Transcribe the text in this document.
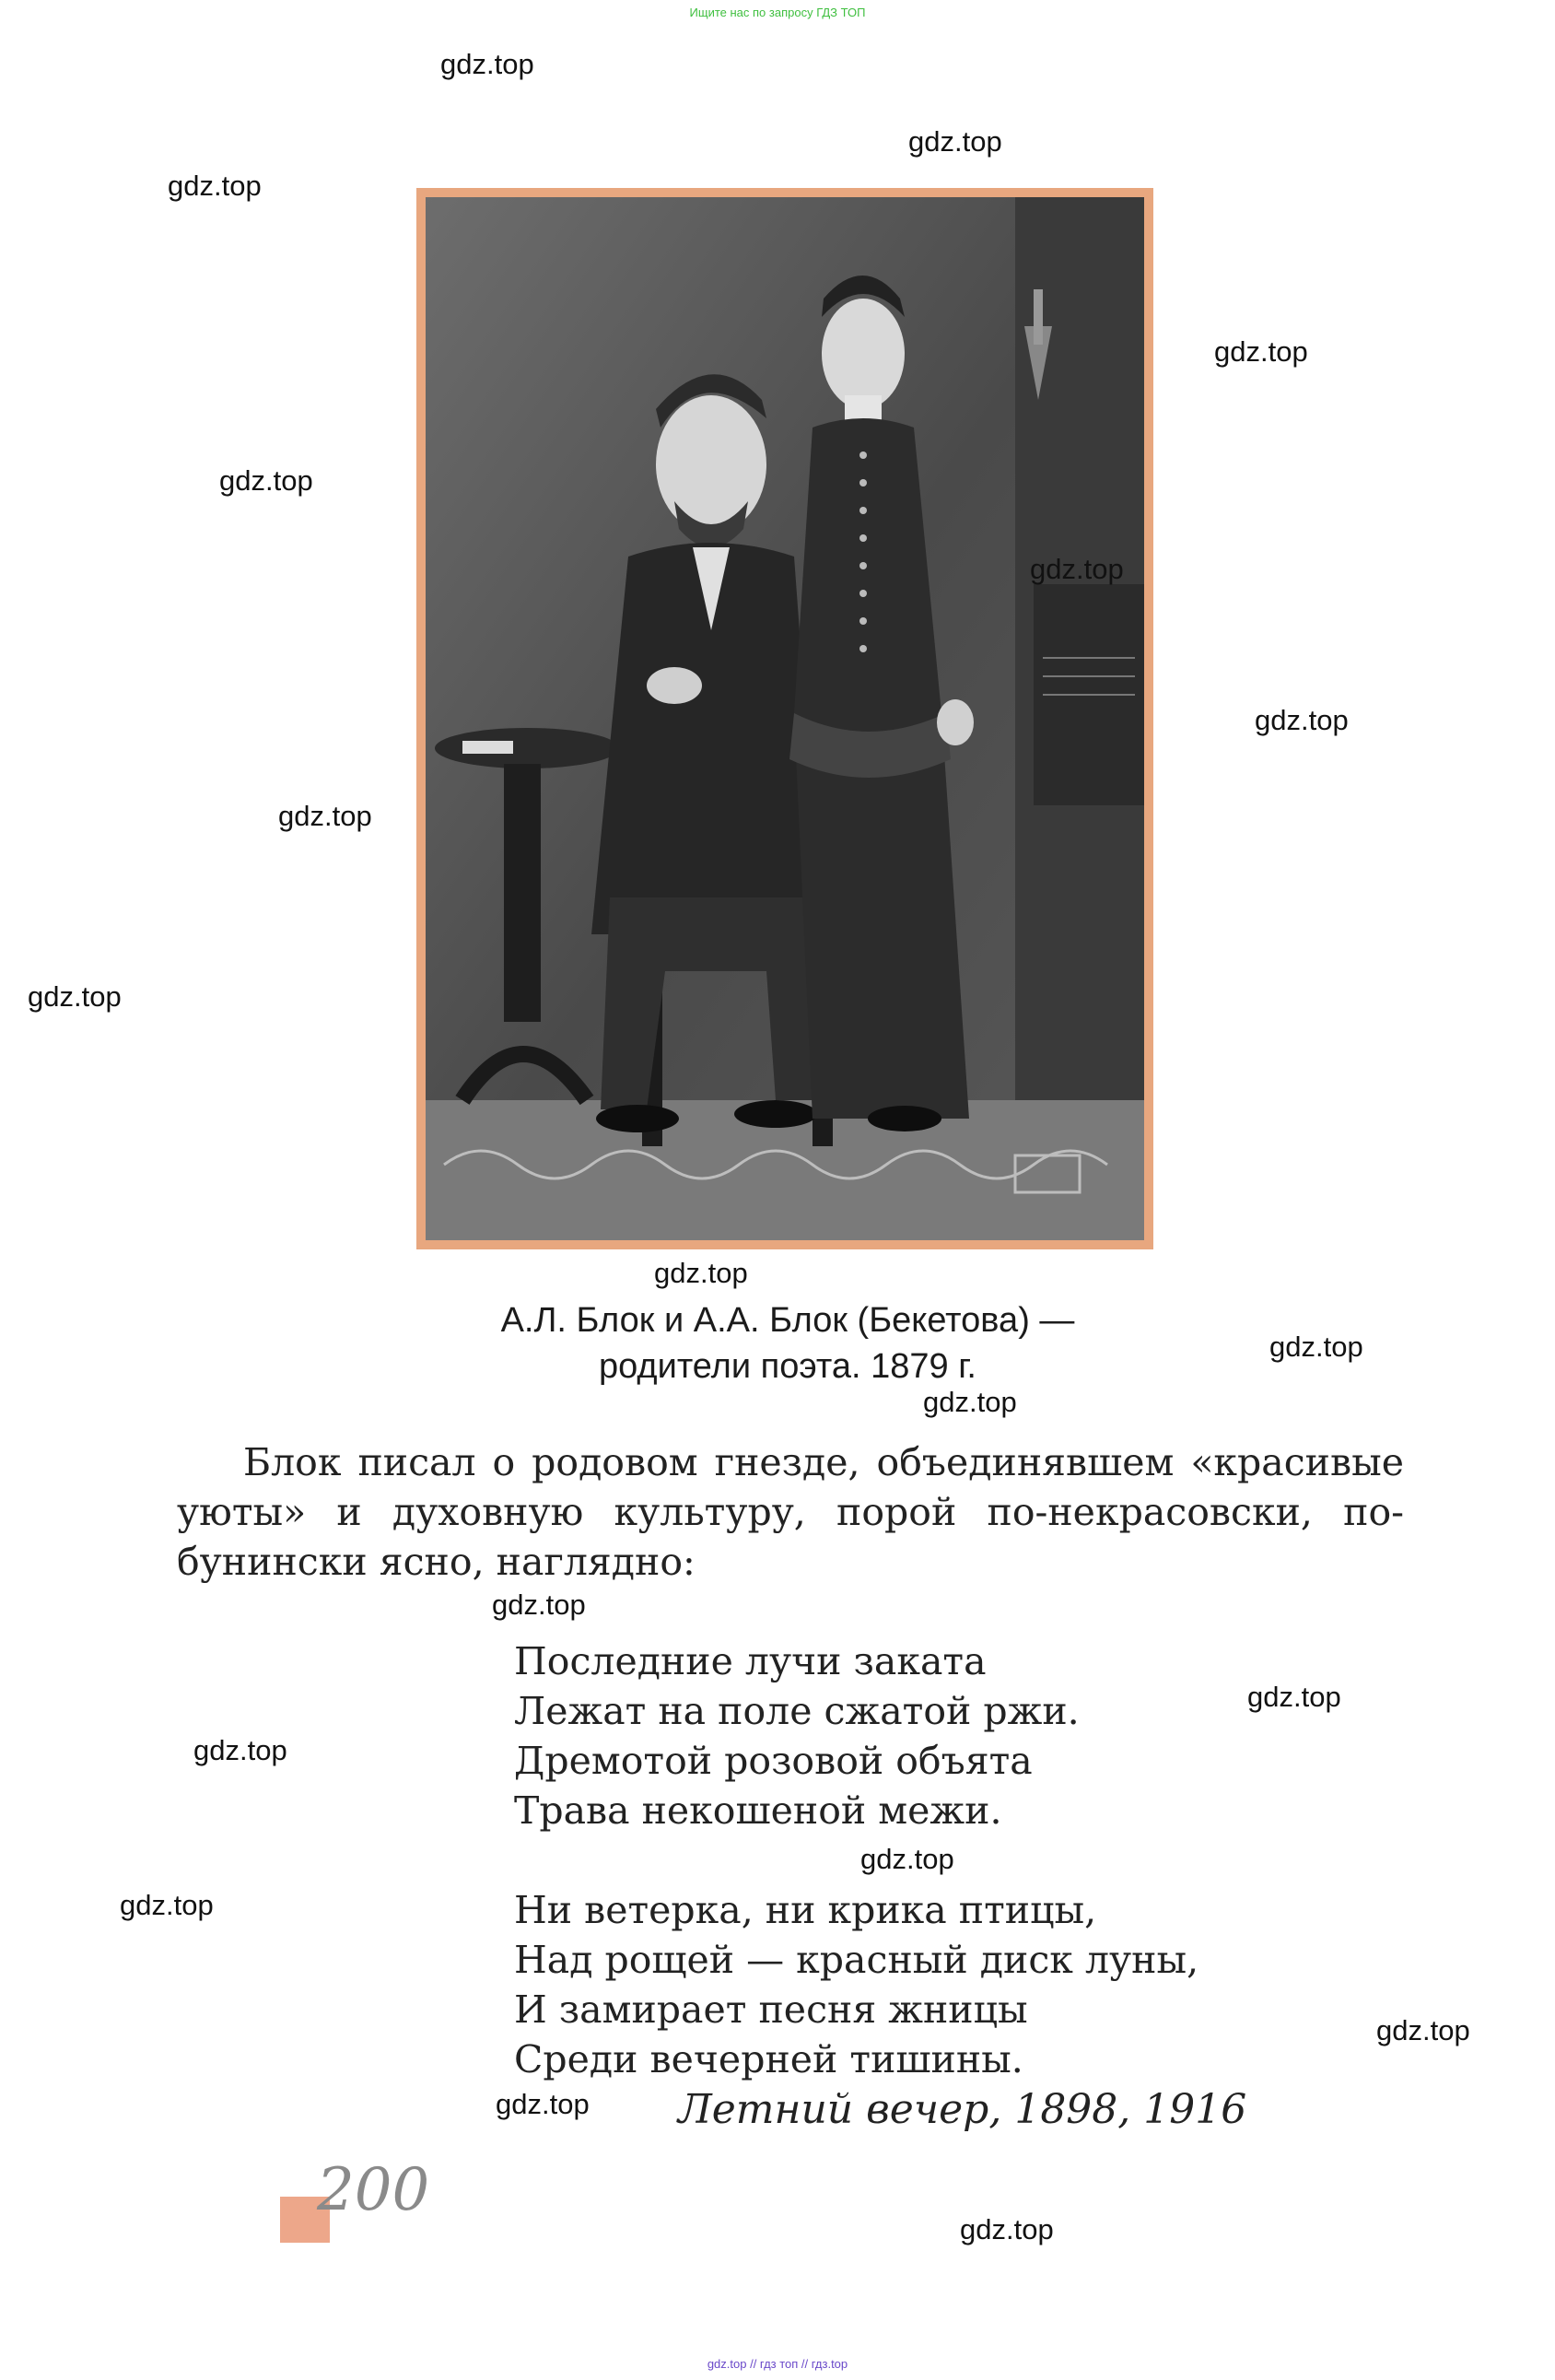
Ищите нас по запросу ГДЗ ТОП
А.Л. Блок и А.А. Блок (Бекетова) —
родители поэта. 1879 г.
Блок писал о родовом гнезде, объединявшем «красивые уюты» и духовную культуру, порой по-некрасовски, по-бунински ясно, наглядно:
Последние лучи заката
Лежат на поле сжатой ржи.
Дремотой розовой объята
Трава некошеной межи.
Ни ветерка, ни крика птицы,
Над рощей — красный диск луны,
И замирает песня жницы
Среди вечерней тишины.
Летний вечер, 1898, 1916
200
gdz.top
gdz.top
gdz.top
gdz.top
gdz.top
gdz.top
gdz.top
gdz.top
gdz.top
gdz.top
gdz.top
gdz.top
gdz.top
gdz.top
gdz.top
gdz.top
gdz.top
gdz.top
gdz.top
gdz.top
gdz.top // гдз топ // гдз.top
